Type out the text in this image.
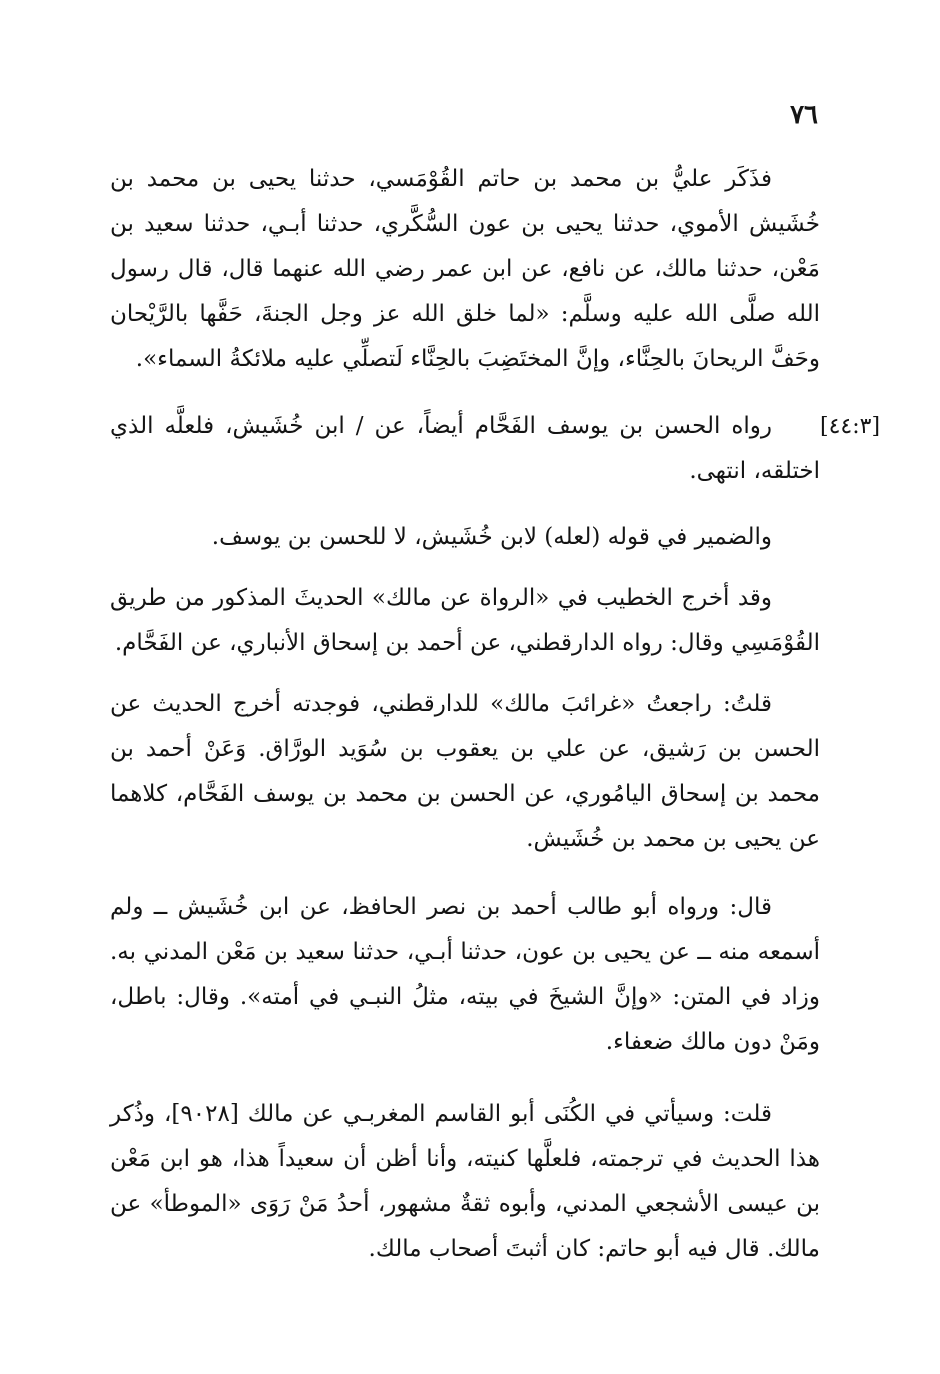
٧٦
[٤٤:٣]

فذَكَر عليُّ بن محمد بن حاتم القُوْمَسي، حدثنا يحيى بن محمد بن خُشَيش الأموي، حدثنا يحيى بن عون السُّكَّري، حدثنا أبـي، حدثنا سعيد بن مَعْن، حدثنا مالك، عن نافع، عن ابن عمر رضي الله عنهما قال، قال رسول الله صلَّى الله عليه وسلَّم: «لما خلق الله عز وجل الجنةَ، حَفَّها بالرَّيْحان وحَفَّ الريحانَ بالحِنَّاء، وإنَّ المختَضِبَ بالحِنَّاء لَتصلِّي عليه ملائكةُ السماء».

رواه الحسن بن يوسف الفَحَّام أيضاً، عن / ابن خُشَيش، فلعلَّه الذي اختلقه، انتهى.

والضمير في قوله (لعله) لابن خُشَيش، لا للحسن بن يوسف.

وقد أخرج الخطيب في «الرواة عن مالك» الحديثَ المذكور من طريق القُوْمَسِي وقال: رواه الدارقطني، عن أحمد بن إسحاق الأنباري، عن الفَحَّام.

قلتُ: راجعتُ «غرائبَ مالك» للدارقطني، فوجدته أخرج الحديث عن الحسن بن رَشيق، عن علي بن يعقوب بن سُوَيد الورَّاق. وَعَنْ أحمد بن محمد بن إسحاق اليامُوري، عن الحسن بن محمد بن يوسف الفَحَّام، كلاهما عن يحيى بن محمد بن خُشَيش.

قال: ورواه أبو طالب أحمد بن نصر الحافظ، عن ابن خُشَيش ــ ولم أسمعه منه ــ عن يحيى بن عون، حدثنا أبـي، حدثنا سعيد بن مَعْن المدني به. وزاد في المتن: «وإنَّ الشيخَ في بيته، مثلُ النبـي في أمته». وقال: باطل، ومَنْ دون مالك ضعفاء.

قلت: وسيأتي في الكُنَى أبو القاسم المغربـي عن مالك [٩٠٢٨]، وذُكر هذا الحديث في ترجمته، فلعلَّها كنيته، وأنا أظن أن سعيداً هذا، هو ابن مَعْن بن عيسى الأشجعي المدني، وأبوه ثقةٌ مشهور، أحدُ مَنْ رَوَى «الموطأ» عن مالك. قال فيه أبو حاتم: كان أثبتَ أصحاب مالك.
